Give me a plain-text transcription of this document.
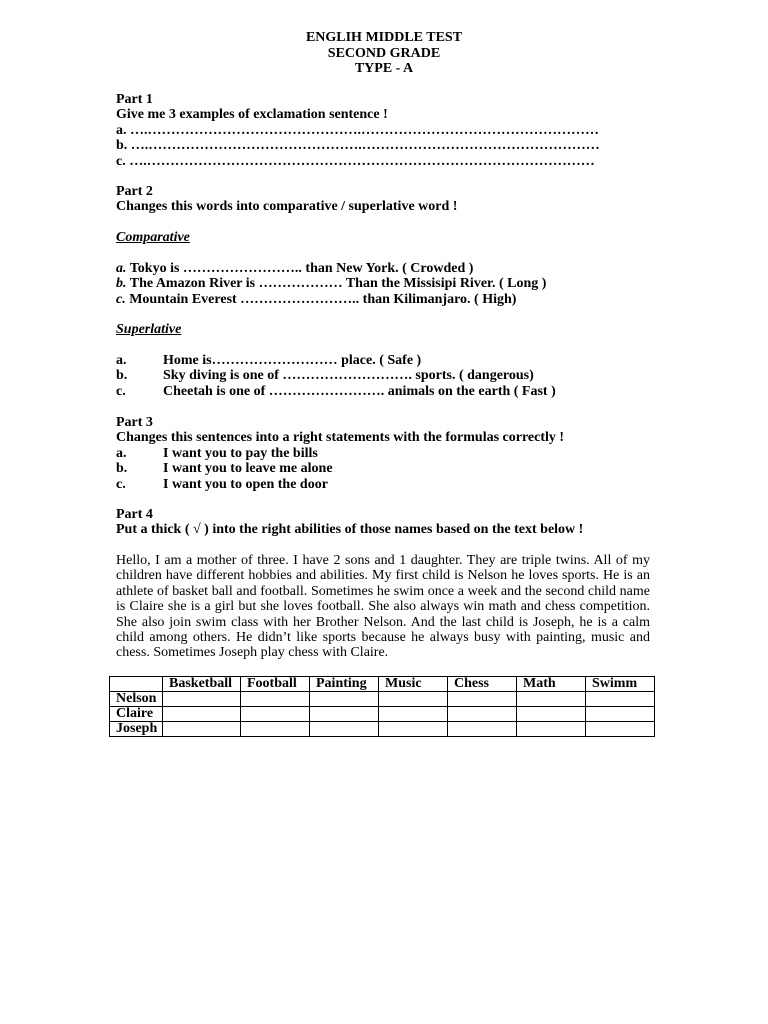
ENGLIH MIDDLE TEST
SECOND GRADE
TYPE - A
Part 1
Give me 3 examples of exclamation sentence !
a. ….……………………………………….……………………………………………
b. ….……………………………………….……………………………………………
c. ….……………………………………………………………………………………
Part 2
Changes this words into comparative / superlative word !
Comparative
a. Tokyo is …………………….. than New York. ( Crowded )
b. The Amazon River is ……………… Than the Missisipi River. ( Long )
c. Mountain Everest …………………….. than Kilimanjaro. ( High)
Superlative
a.	Home is……………………… place. ( Safe )
b.	Sky diving is one of ………………………. sports. ( dangerous)
c.	Cheetah is one of ……………………. animals on the earth ( Fast )
Part 3
Changes this sentences into a right statements with the formulas correctly !
a.	I want you to pay the bills
b.	I want you to leave me alone
c.	I want you to open the door
Part 4
Put a thick ( √ ) into the right abilities of those names based on the text below !
Hello, I am a mother of three. I have 2 sons and 1 daughter. They are triple twins. All of my children have different hobbies and abilities. My first child is Nelson he loves sports. He is an athlete of basket ball and football. Sometimes he swim once a week and the second child name is Claire she is a girl but she loves football. She also always win math and chess competition. She also join swim class with her Brother Nelson. And the last child is Joseph, he is a calm child among others. He didn’t like sports because he always busy with painting, music and chess. Sometimes Joseph play chess with Claire.
	Basketball	Football	Painting	Music	Chess	Math	Swimm
Nelson							
Claire							
Joseph							
